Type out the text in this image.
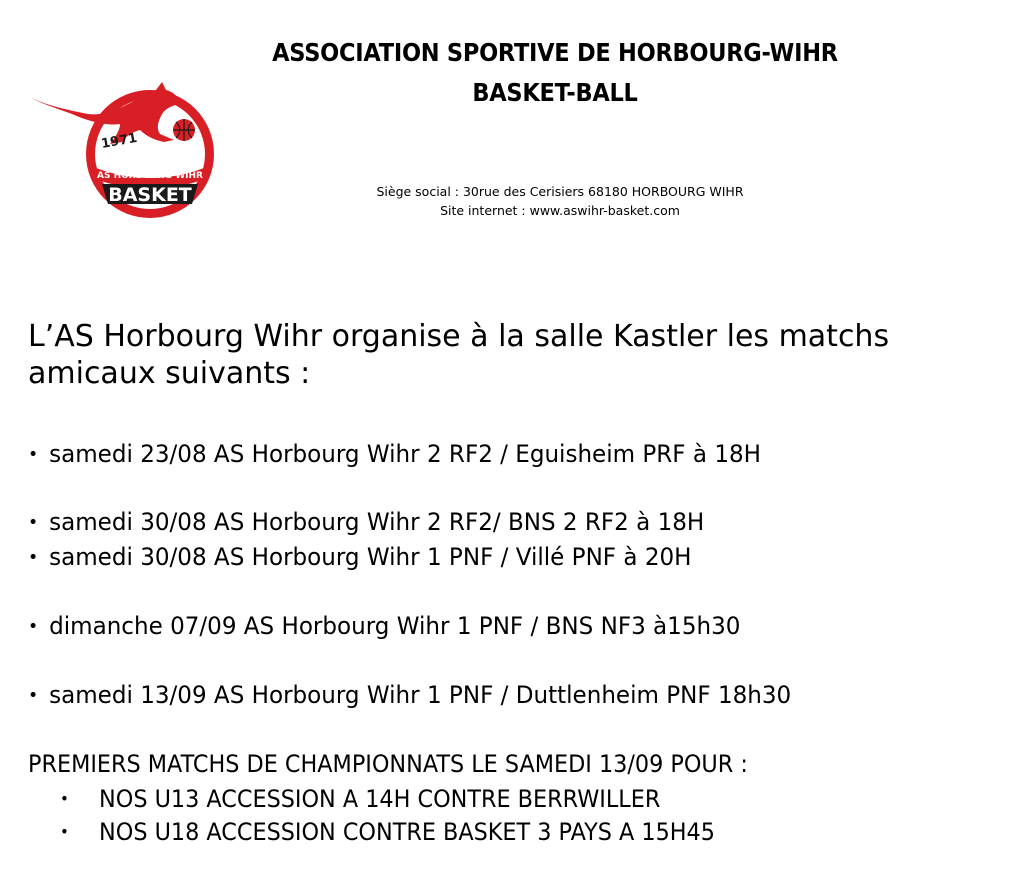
1971
AS HORBOURG-WIHR
BASKET
ASSOCIATION SPORTIVE DE HORBOURG-WIHR
BASKET-BALL
Siège social : 30rue des Cerisiers 68180 HORBOURG WIHR
Site internet : www.aswihr-basket.com

L’AS Horbourg Wihr organise à la salle Kastler les matchs amicaux suivants :

• samedi 23/08 AS Horbourg Wihr 2 RF2 / Eguisheim PRF à 18H
• samedi 30/08 AS Horbourg Wihr 2 RF2/ BNS 2 RF2 à 18H
• samedi 30/08 AS Horbourg Wihr 1 PNF / Villé PNF à 20H
• dimanche 07/09 AS Horbourg Wihr 1 PNF / BNS NF3 à15h30
• samedi 13/09 AS Horbourg Wihr 1 PNF / Duttlenheim PNF 18h30
PREMIERS MATCHS DE CHAMPIONNATS LE SAMEDI 13/09 POUR :
• NOS U13 ACCESSION A 14H CONTRE BERRWILLER
• NOS U18 ACCESSION CONTRE BASKET 3 PAYS A 15H45
